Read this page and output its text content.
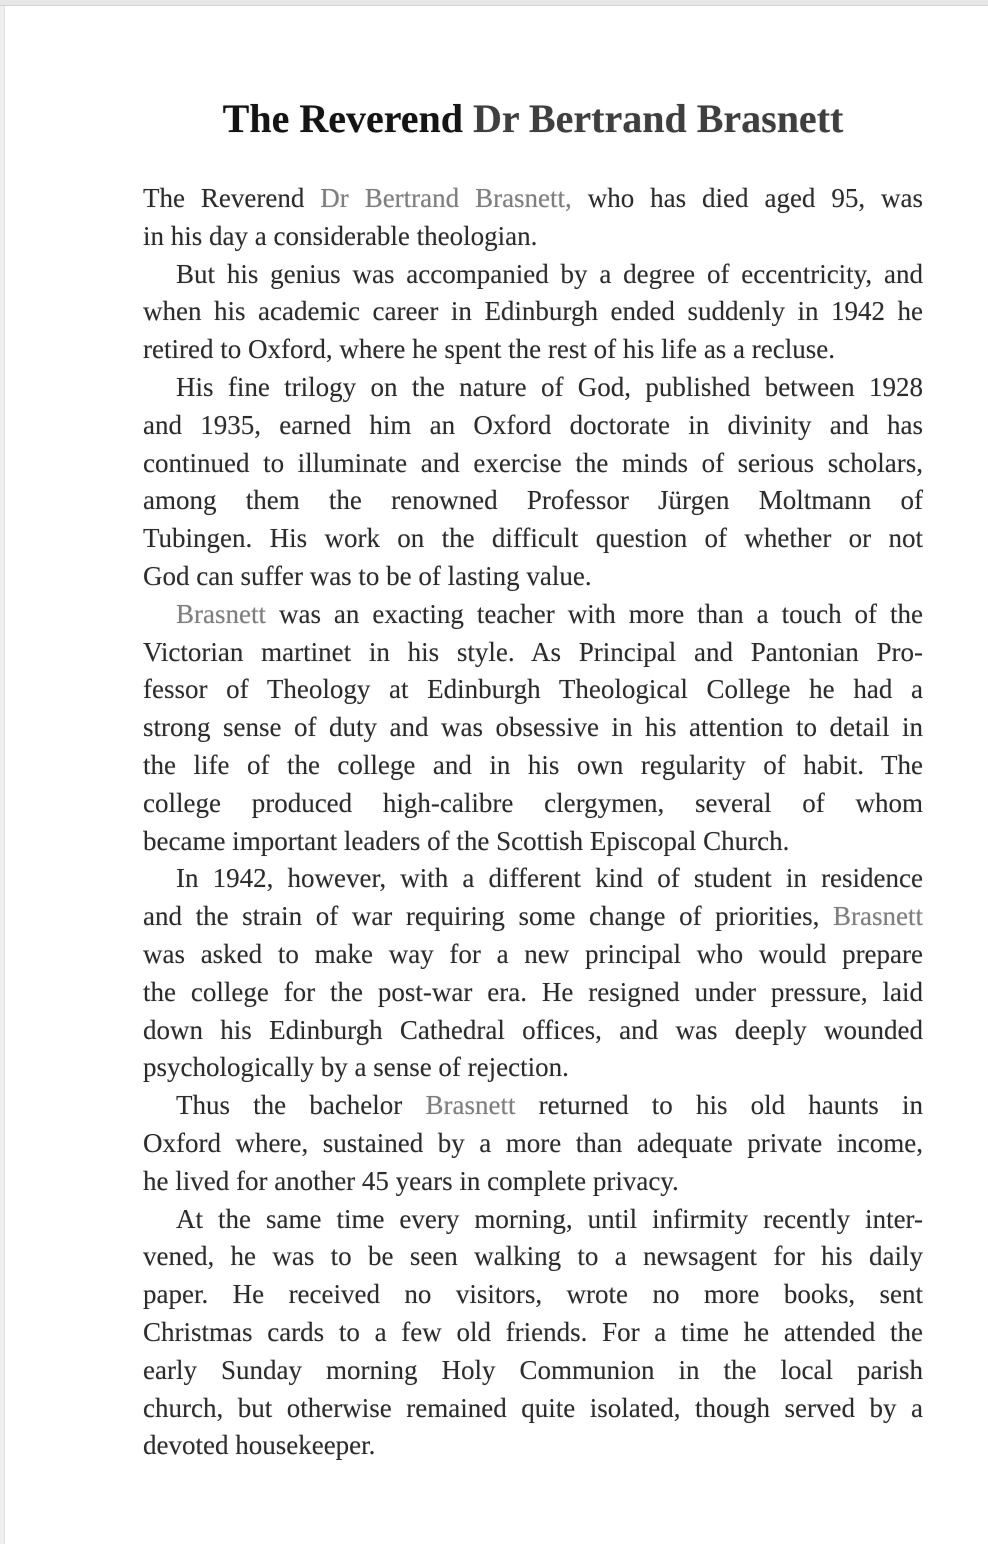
The Reverend Dr Bertrand Brasnett
The Reverend Dr Bertrand Brasnett, who has died aged 95, was
in his day a considerable theologian.
But his genius was accompanied by a degree of eccentricity, and
when his academic career in Edinburgh ended suddenly in 1942 he
retired to Oxford, where he spent the rest of his life as a recluse.
His fine trilogy on the nature of God, published between 1928
and 1935, earned him an Oxford doctorate in divinity and has
continued to illuminate and exercise the minds of serious scholars,
among them the renowned Professor Jürgen Moltmann of
Tubingen. His work on the difficult question of whether or not
God can suffer was to be of lasting value.
Brasnett was an exacting teacher with more than a touch of the
Victorian martinet in his style. As Principal and Pantonian Pro-
fessor of Theology at Edinburgh Theological College he had a
strong sense of duty and was obsessive in his attention to detail in
the life of the college and in his own regularity of habit. The
college produced high-calibre clergymen, several of whom
became important leaders of the Scottish Episcopal Church.
In 1942, however, with a different kind of student in residence
and the strain of war requiring some change of priorities, Brasnett
was asked to make way for a new principal who would prepare
the college for the post-war era. He resigned under pressure, laid
down his Edinburgh Cathedral offices, and was deeply wounded
psychologically by a sense of rejection.
Thus the bachelor Brasnett returned to his old haunts in
Oxford where, sustained by a more than adequate private income,
he lived for another 45 years in complete privacy.
At the same time every morning, until infirmity recently inter-
vened, he was to be seen walking to a newsagent for his daily
paper. He received no visitors, wrote no more books, sent
Christmas cards to a few old friends. For a time he attended the
early Sunday morning Holy Communion in the local parish
church, but otherwise remained quite isolated, though served by a
devoted housekeeper.
